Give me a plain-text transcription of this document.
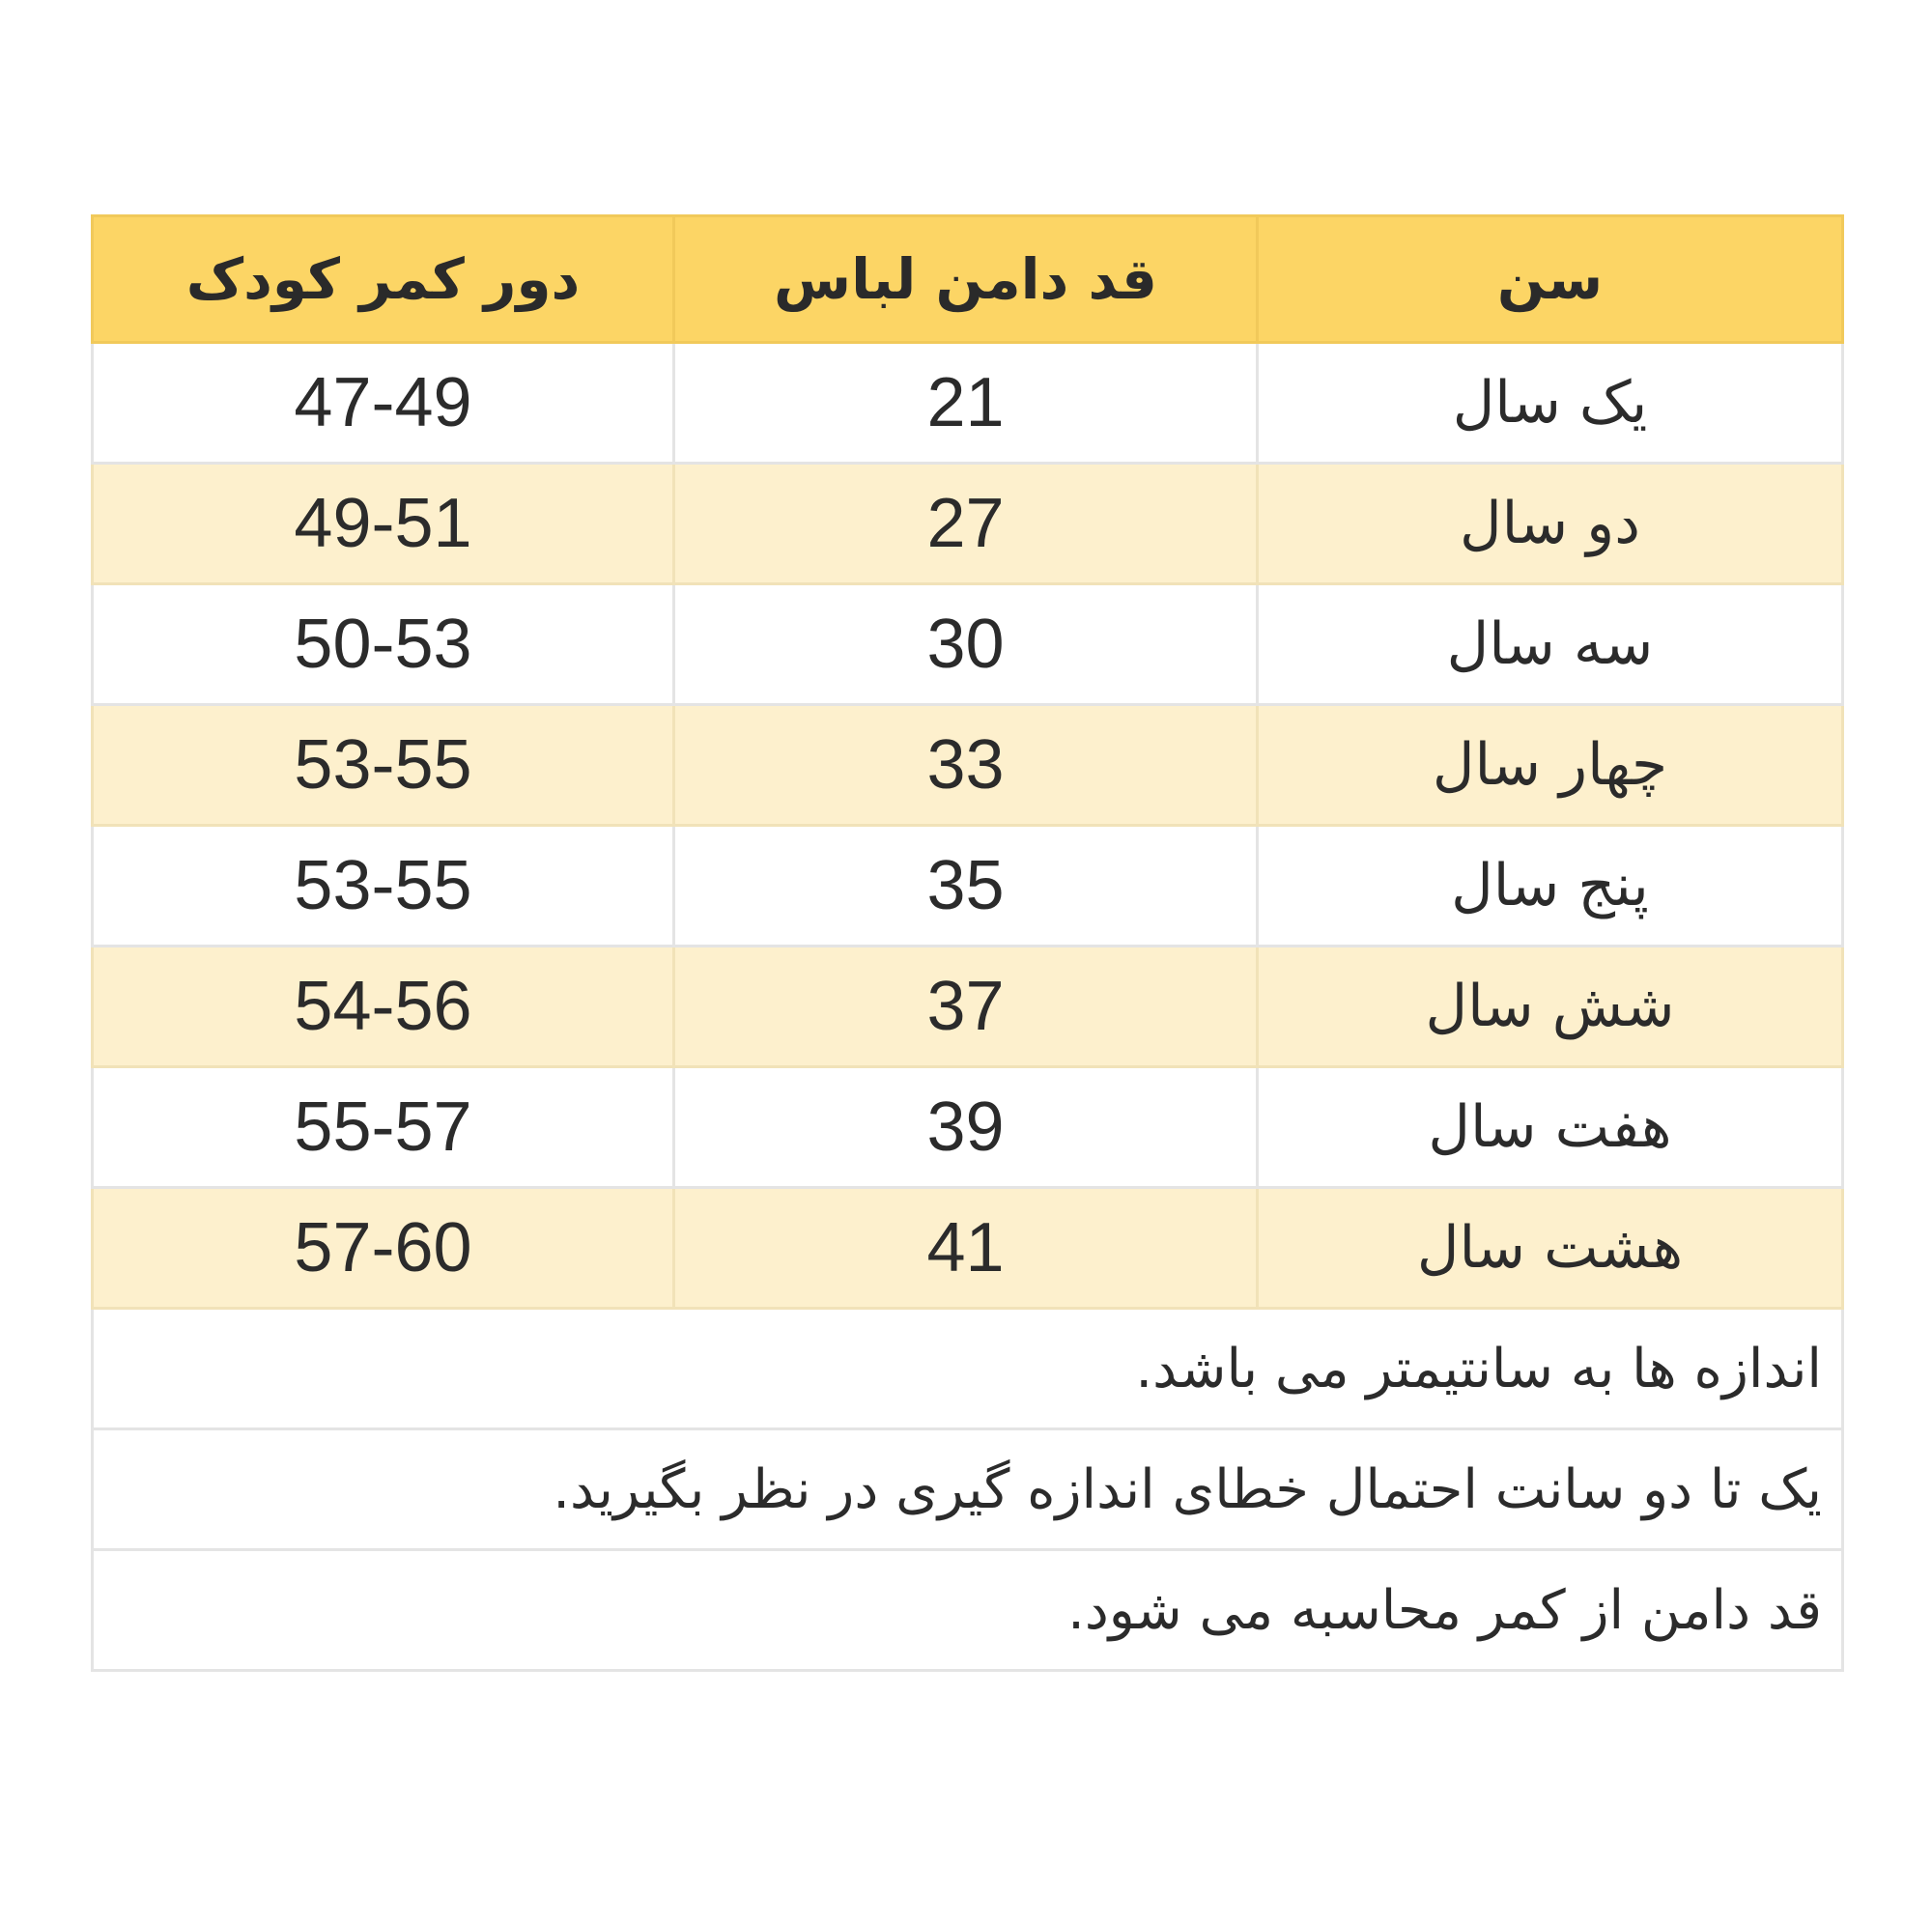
سن	قد دامن لباس	دور کمر کودک
یک سال	21	47-49
دو سال	27	49-51
سه سال	30	50-53
چهار سال	33	53-55
پنج سال	35	53-55
شش سال	37	54-56
هفت سال	39	55-57
هشت سال	41	57-60
اندازه ها به سانتیمتر می باشد.		
یک تا دو سانت احتمال خطای اندازه گیری در نظر بگیرید.		
قد دامن از کمر محاسبه می شود.		
